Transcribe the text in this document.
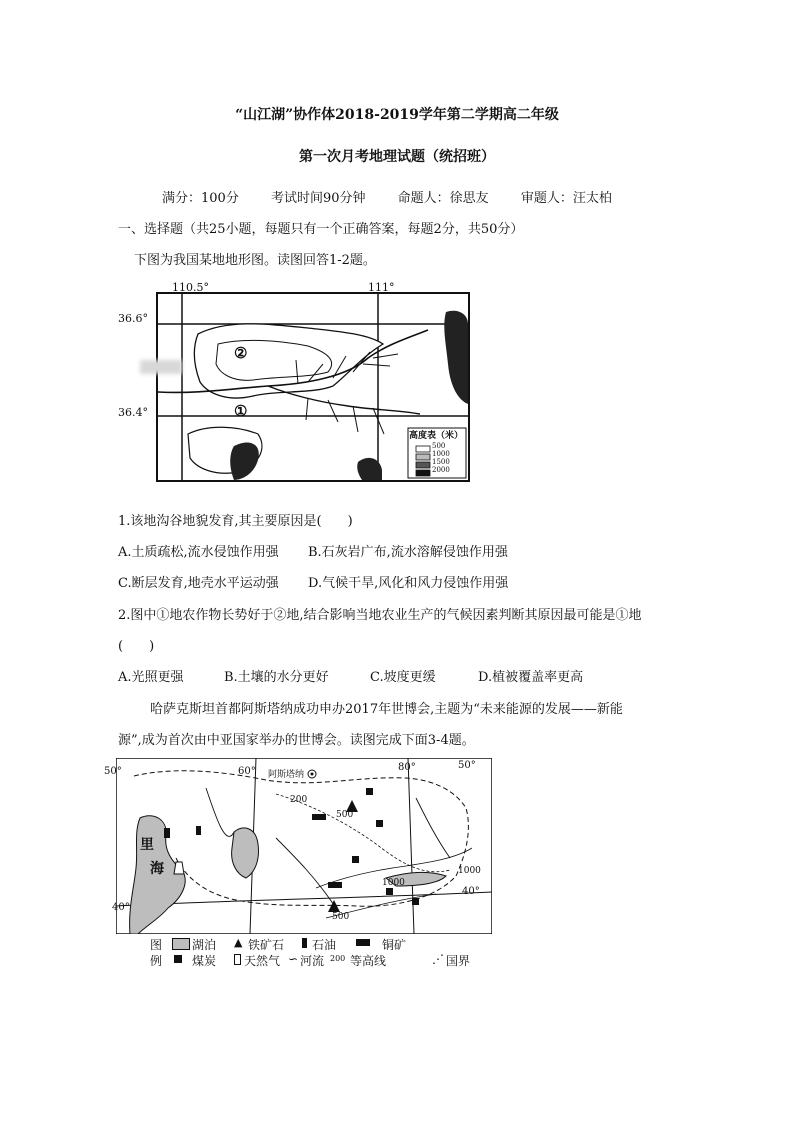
“山江湖”协作体2018-2019学年第二学期高二年级
第一次月考地理试题（统招班）
满分：100分 考试时间90分钟 命题人：徐思友 审题人：汪太柏
一、选择题（共25小题，每题只有一个正确答案，每题2分，共50分）
下图为我国某地地形图。读图回答1-2题。
110.5°	111°
36.6°
36.4°
②
①
高度表（米）
500
1000
1500
2000
1.该地沟谷地貌发育,其主要原因是(　　)
A.土质疏松,流水侵蚀作用强 B.石灰岩广布,流水溶解侵蚀作用强
C.断层发育,地壳水平运动强 D.气候干旱,风化和风力侵蚀作用强
2.图中①地农作物长势好于②地,结合影响当地农业生产的气候因素判断其原因最可能是①地
(　　)
A.光照更强	B.土壤的水分更好	C.坡度更缓	D.植被覆盖率更高
哈萨克斯坦首都阿斯塔纳成功申办2017年世博会,主题为“未来能源的发展——新能
源”,成为首次由中亚国家举办的世博会。读图完成下面3-4题。
50°	60°	80°	50°
40°
40°
阿斯塔纳
里
海
200
500
500
1000
1000
图
例
湖泊 ▲ 铁矿石 石油	铜矿
煤炭 天然气 ∽ 河流 200 等高线	⋰ 国界
